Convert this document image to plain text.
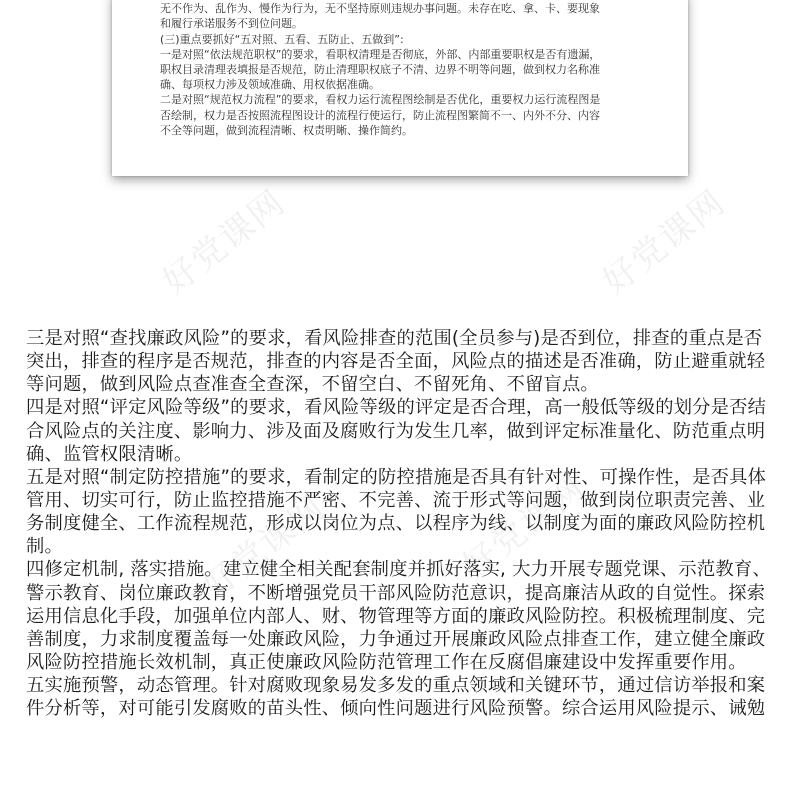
无不作为、乱作为、慢作为行为，无不坚持原则违规办事问题。未存在吃、拿、卡、要现象
和履行承诺服务不到位问题。
(三)重点要抓好“五对照、五看、五防止、五做到”:
一是对照“依法规范职权”的要求，看职权清理是否彻底，外部、内部重要职权是否有遗漏，
职权目录清理表填报是否规范，防止清理职权底子不清、边界不明等问题，做到权力名称准
确、每项权力涉及领域准确、用权依据准确。
二是对照“规范权力流程”的要求，看权力运行流程图绘制是否优化，重要权力运行流程图是
否绘制，权力是否按照流程图设计的流程行使运行，防止流程图繁简不一、内外不分、内容
不全等问题，做到流程清晰、权责明晰、操作简约。
好党课网	好党课网
好党课网	好党课网
三是对照“查找廉政风险”的要求，看风险排查的范围(全员参与)是否到位，排查的重点是否
突出，排查的程序是否规范，排查的内容是否全面，风险点的描述是否准确，防止避重就轻
等问题，做到风险点查准查全查深，不留空白、不留死角、不留盲点。
四是对照“评定风险等级”的要求，看风险等级的评定是否合理，高一般低等级的划分是否结
合风险点的关注度、影响力、涉及面及腐败行为发生几率，做到评定标准量化、防范重点明
确、监管权限清晰。
五是对照“制定防控措施”的要求，看制定的防控措施是否具有针对性、可操作性，是否具体
管用、切实可行，防止监控措施不严密、不完善、流于形式等问题，做到岗位职责完善、业
务制度健全、工作流程规范，形成以岗位为点、以程序为线、以制度为面的廉政风险防控机
制。
四修定机制, 落实措施。建立健全相关配套制度并抓好落实, 大力开展专题党课、示范教育、
警示教育、岗位廉政教育，不断增强党员干部风险防范意识，提高廉洁从政的自觉性。探索
运用信息化手段，加强单位内部人、财、物管理等方面的廉政风险防控。积极梳理制度、完
善制度，力求制度覆盖每一处廉政风险，力争通过开展廉政风险点排查工作，建立健全廉政
风险防控措施长效机制，真正使廉政风险防范管理工作在反腐倡廉建设中发挥重要作用。
五实施预警，动态管理。针对腐败现象易发多发的重点领域和关键环节，通过信访举报和案
件分析等，对可能引发腐败的苗头性、倾向性问题进行风险预警。综合运用风险提示、诫勉
